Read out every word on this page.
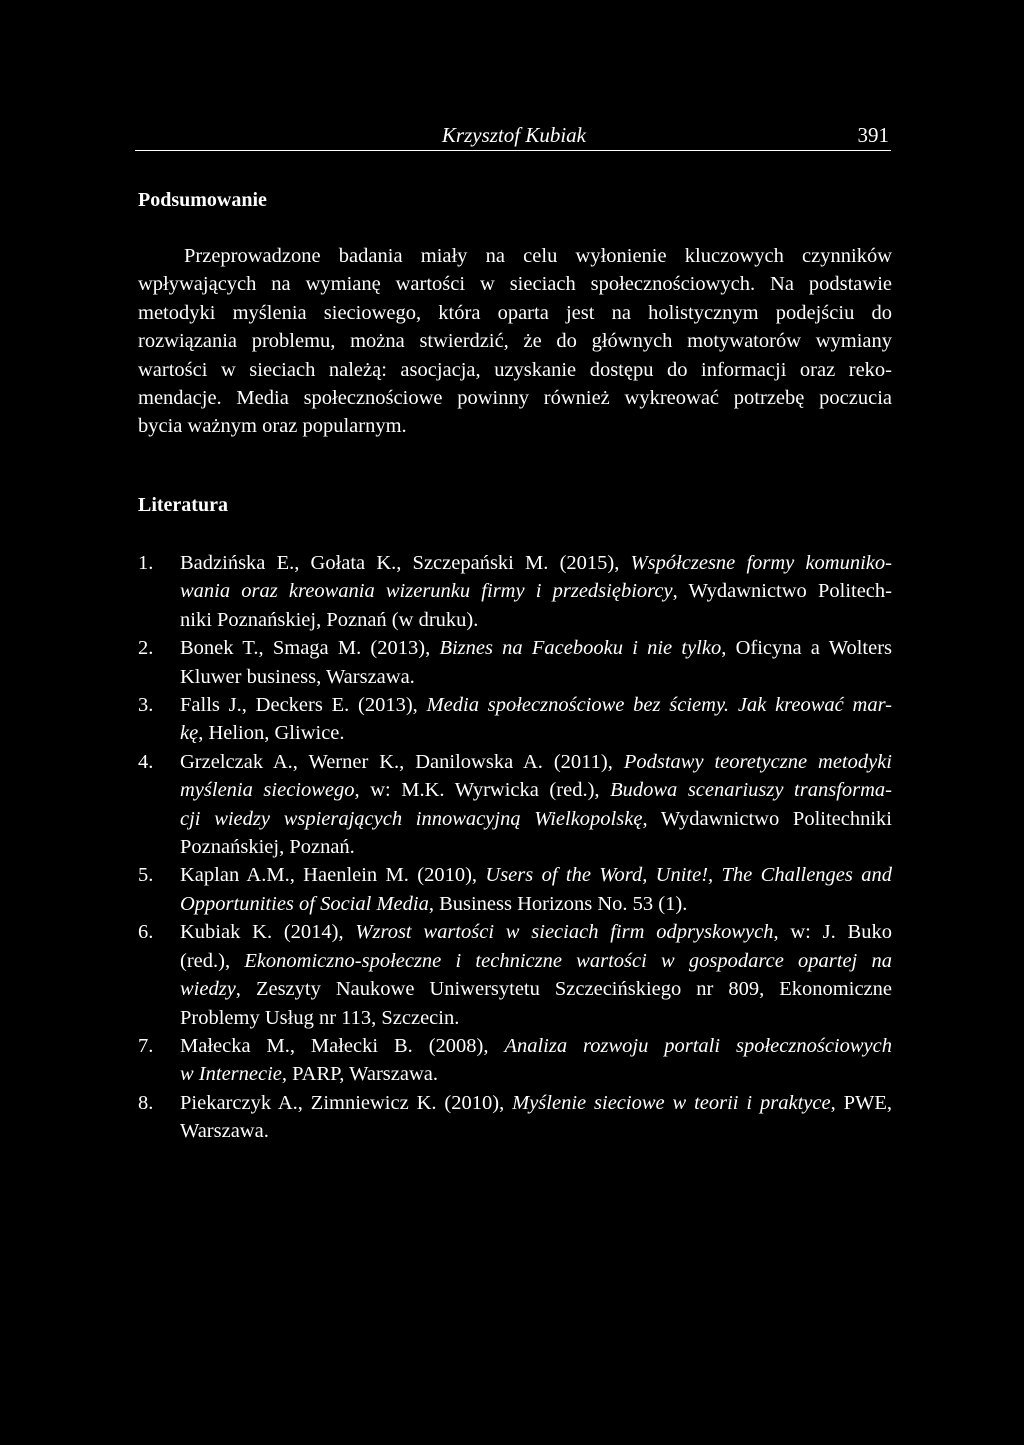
Krzysztof Kubiak	391
Podsumowanie
Przeprowadzone badania miały na celu wyłonienie kluczowych czynników
wpływających na wymianę wartości w sieciach społecznościowych. Na podstawie
metodyki myślenia sieciowego, która oparta jest na holistycznym podejściu do
rozwiązania problemu, można stwierdzić, że do głównych motywatorów wymiany
wartości w sieciach należą: asocjacja, uzyskanie dostępu do informacji oraz reko-
mendacje. Media społecznościowe powinny również wykreować potrzebę poczucia
bycia ważnym oraz popularnym.
Literatura
1. Badzińska E., Gołata K., Szczepański M. (2015), Współczesne formy komuniko-
wania oraz kreowania wizerunku firmy i przedsiębiorcy, Wydawnictwo Politech-
niki Poznańskiej, Poznań (w druku).
2. Bonek T., Smaga M. (2013), Biznes na Facebooku i nie tylko, Oficyna a Wolters
Kluwer business, Warszawa.
3. Falls J., Deckers E. (2013), Media społecznościowe bez ściemy. Jak kreować mar-
kę, Helion, Gliwice.
4. Grzelczak A., Werner K., Danilowska A. (2011), Podstawy teoretyczne metodyki
myślenia sieciowego, w: M.K. Wyrwicka (red.), Budowa scenariuszy transforma-
cji wiedzy wspierających innowacyjną Wielkopolskę, Wydawnictwo Politechniki
Poznańskiej, Poznań.
5. Kaplan A.M., Haenlein M. (2010), Users of the Word, Unite!, The Challenges and
Opportunities of Social Media, Business Horizons No. 53 (1).
6. Kubiak K. (2014), Wzrost wartości w sieciach firm odpryskowych, w: J. Buko
(red.), Ekonomiczno-społeczne i techniczne wartości w gospodarce opartej na
wiedzy, Zeszyty Naukowe Uniwersytetu Szczecińskiego nr 809, Ekonomiczne
Problemy Usług nr 113, Szczecin.
7. Małecka M., Małecki B. (2008), Analiza rozwoju portali społecznościowych
w Internecie, PARP, Warszawa.
8. Piekarczyk A., Zimniewicz K. (2010), Myślenie sieciowe w teorii i praktyce, PWE,
Warszawa.
